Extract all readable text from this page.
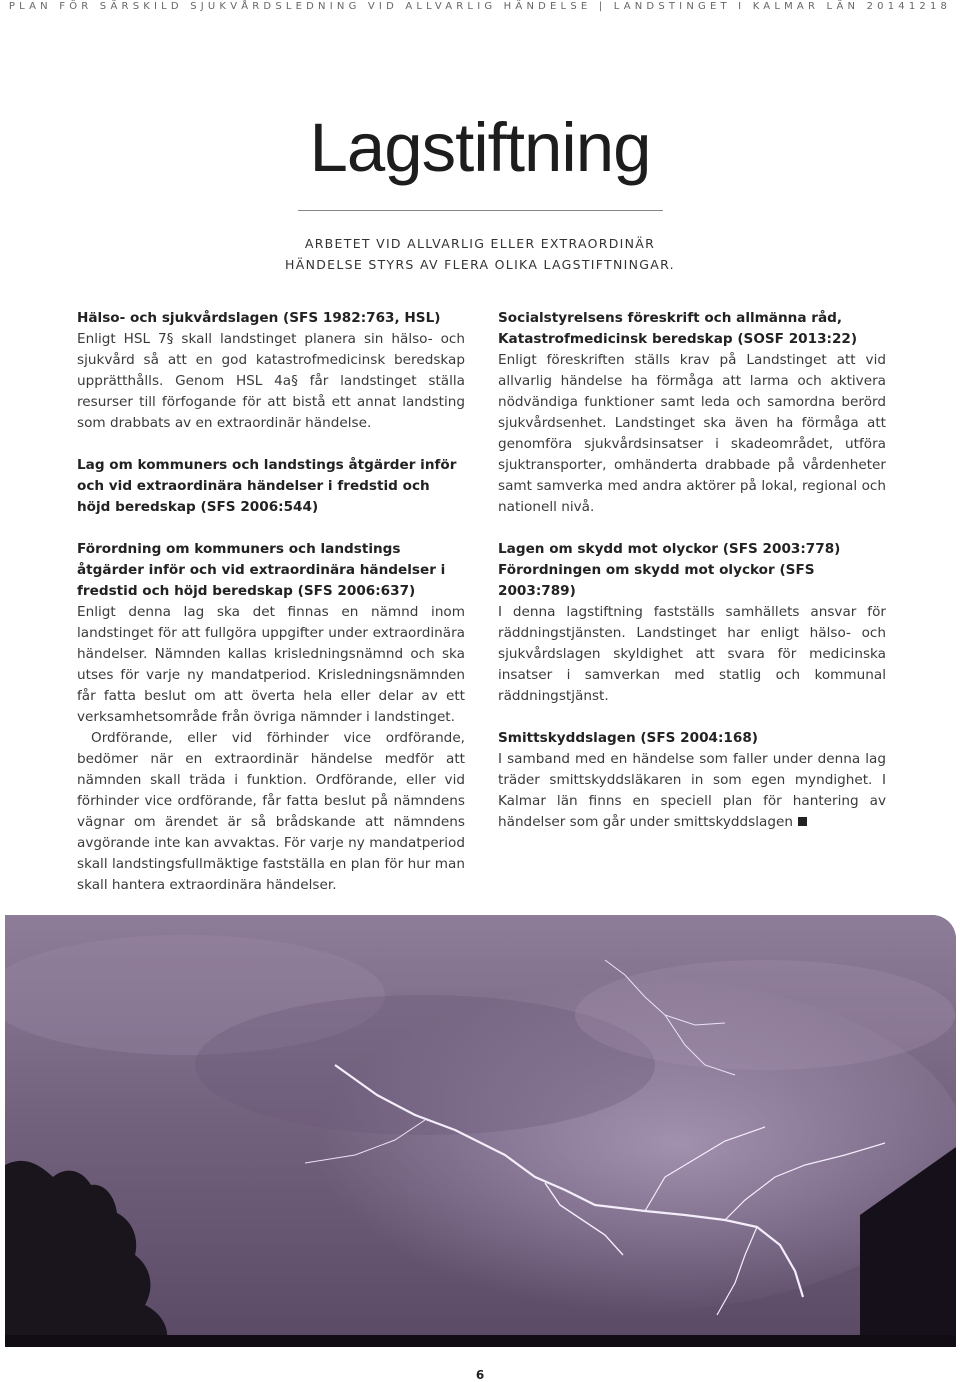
PLAN FÖR SÄRSKILD SJUKVÅRDSLEDNING VID ALLVARLIG HÄNDELSE | LANDSTINGET I KALMAR LÄN 20141218
Lagstiftning
ARBETET VID ALLVARLIG ELLER EXTRAORDINÄR
HÄNDELSE STYRS AV FLERA OLIKA LAGSTIFTNINGAR.
Hälso- och sjukvårdslagen (SFS 1982:763, HSL)

Enligt HSL 7§ skall landstinget planera sin hälso- och sjukvård så att en god katastrofmedicinsk beredskap upprätthålls. Genom HSL 4a§ får landstinget ställa resurser till förfogande för att bistå ett annat landsting som drabbats av en extraordinär händelse.

Lag om kommuners och landstings åtgärder inför och vid extraordinära händelser i fredstid och höjd beredskap (SFS 2006:544)
Förordning om kommuners och landstings åtgärder inför och vid extraordinära händelser i fredstid och höjd beredskap (SFS 2006:637)

Enligt denna lag ska det finnas en nämnd inom landstinget för att fullgöra uppgifter under extraordinära händelser. Nämnden kallas krisledningsnämnd och ska utses för varje ny mandatperiod. Krisledningsnämnden får fatta beslut om att överta hela eller delar av ett verksamhetsområde från övriga nämnder i landstinget.

Ordförande, eller vid förhinder vice ordförande, bedömer när en extraordinär händelse medför att nämnden skall träda i funktion. Ordförande, eller vid förhinder vice ordförande, får fatta beslut på nämndens vägnar om ärendet är så brådskande att nämndens avgörande inte kan avvaktas. För varje ny mandatperiod skall landstingsfullmäktige fastställa en plan för hur man skall hantera extraordinära händelser.

Socialstyrelsens föreskrift och allmänna råd, Katastrofmedicinsk beredskap (SOSF 2013:22)

Enligt föreskriften ställs krav på Landstinget att vid allvarlig händelse ha förmåga att larma och aktivera nödvändiga funktioner samt leda och samordna berörd sjukvårdsenhet. Landstinget ska även ha förmåga att genomföra sjukvårdsinsatser i skadeområdet, utföra sjuktransporter, omhänderta drabbade på vårdenheter samt samverka med andra aktörer på lokal, regional och nationell nivå.

Lagen om skydd mot olyckor (SFS 2003:778)
Förordningen om skydd mot olyckor (SFS 2003:789)

I denna lagstiftning fastställs samhällets ansvar för räddningstjänsten. Landstinget har enligt hälso- och sjukvårdslagen skyldighet att svara för medicinska insatser i samverkan med statlig och kommunal räddningstjänst.

Smittskyddslagen (SFS 2004:168)

I samband med en händelse som faller under denna lag träder smittskyddsläkaren in som egen myndighet. I Kalmar län finns en speciell plan för hantering av händelser som går under smittskyddslagen

6
